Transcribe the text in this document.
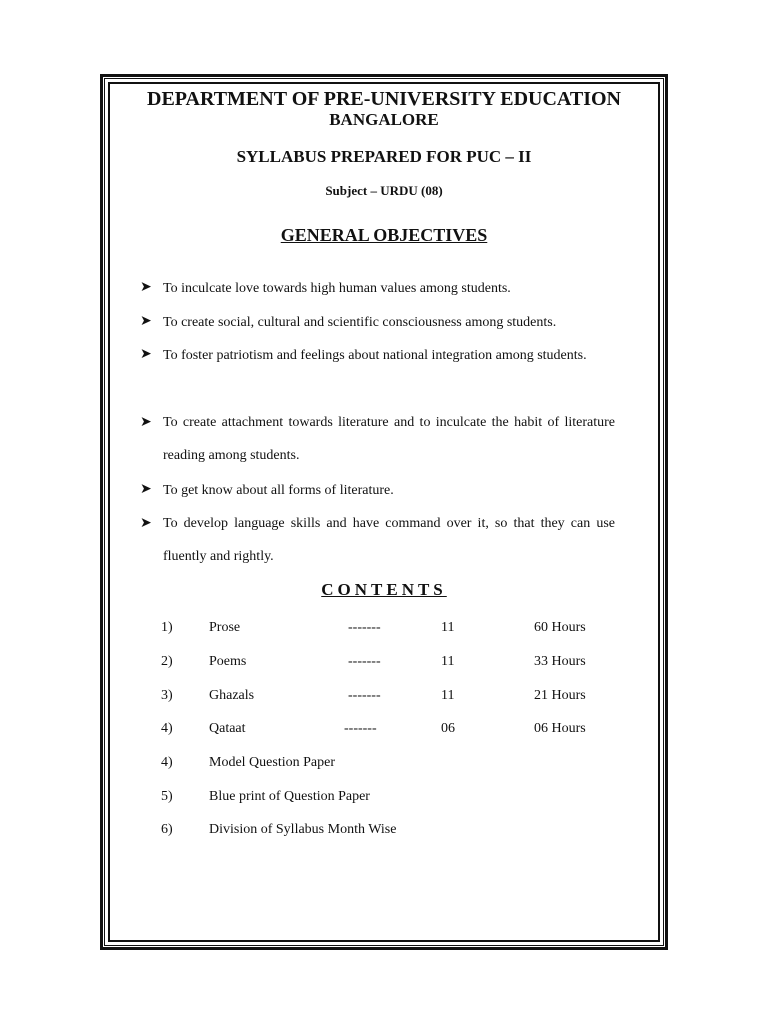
DEPARTMENT OF PRE-UNIVERSITY EDUCATION
BANGALORE
SYLLABUS PREPARED FOR PUC – II
Subject – URDU (08)
GENERAL OBJECTIVES
➤ To inculcate love towards high human values among students.
➤ To create social, cultural and scientific consciousness among students.
➤ To foster patriotism and feelings about national integration among students.
➤ To create attachment towards literature and to inculcate the habit of literature reading among students.
➤ To get know about all forms of literature.
➤ To develop language skills and have command over it, so that they can use fluently and rightly.
CONTENTS
1)	Prose	-------	11	60 Hours
2)	Poems	-------	11	33 Hours
3)	Ghazals	-------	11	21 Hours
4)	Qataat	-------	06	06 Hours
4)	Model Question Paper
5)	Blue print of Question Paper
6)	Division of Syllabus Month Wise
